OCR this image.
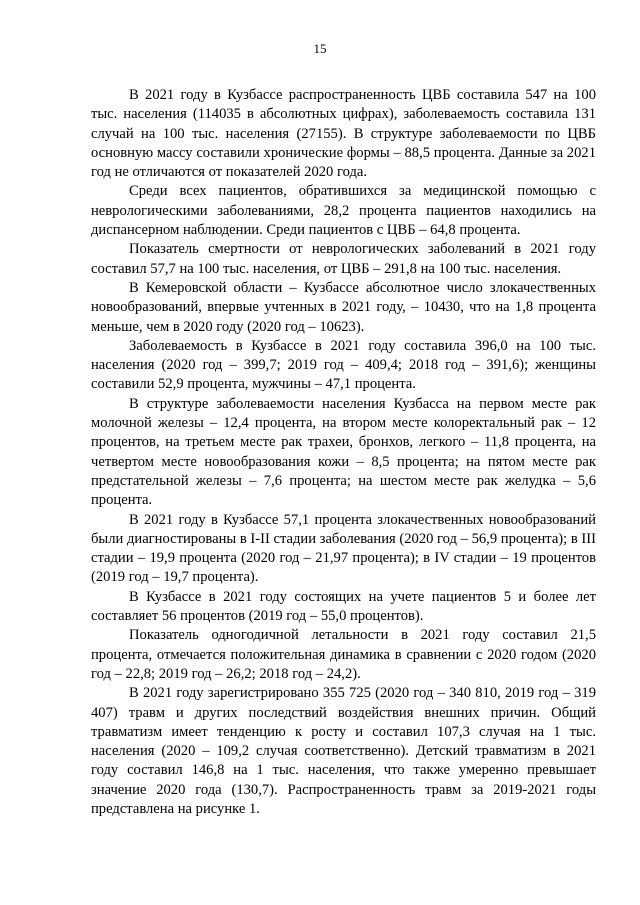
15

В 2021 году в Кузбассе распространенность ЦВБ составила 547 на 100 тыс. населения (114035 в абсолютных цифрах), заболеваемость составила 131 случай на 100 тыс. населения (27155). В структуре заболеваемости по ЦВБ основную массу составили хронические формы – 88,5 процента. Данные за 2021 год не отличаются от показателей 2020 года.

Среди всех пациентов, обратившихся за медицинской помощью с неврологическими заболеваниями, 28,2 процента пациентов находились на диспансерном наблюдении. Среди пациентов с ЦВБ – 64,8 процента.

Показатель смертности от неврологических заболеваний в 2021 году составил 57,7 на 100 тыс. населения, от ЦВБ – 291,8 на 100 тыс. населения.

В Кемеровской области – Кузбассе абсолютное число злокачественных новообразований, впервые учтенных в 2021 году, – 10430, что на 1,8 процента меньше, чем в 2020 году (2020 год – 10623).

Заболеваемость в Кузбассе в 2021 году составила 396,0 на 100 тыс. населения (2020 год – 399,7; 2019 год – 409,4; 2018 год – 391,6); женщины составили 52,9 процента, мужчины – 47,1 процента.

В структуре заболеваемости населения Кузбасса на первом месте рак молочной железы – 12,4 процента, на втором месте колоректальный рак – 12 процентов, на третьем месте рак трахеи, бронхов, легкого – 11,8 процента, на четвертом месте новообразования кожи – 8,5 процента; на пятом месте рак предстательной железы – 7,6 процента; на шестом месте рак желудка – 5,6 процента.

В 2021 году в Кузбассе 57,1 процента злокачественных новообразований были диагностированы в I-II стадии заболевания (2020 год – 56,9 процента); в III стадии – 19,9 процента (2020 год – 21,97 процента); в IV стадии – 19 процентов (2019 год – 19,7 процента).

В Кузбассе в 2021 году состоящих на учете пациентов 5 и более лет составляет 56 процентов (2019 год – 55,0 процентов).

Показатель одногодичной летальности в 2021 году составил 21,5 процента, отмечается положительная динамика в сравнении с 2020 годом (2020 год – 22,8; 2019 год – 26,2; 2018 год – 24,2).

В 2021 году зарегистрировано 355 725 (2020 год – 340 810, 2019 год – 319 407) травм и других последствий воздействия внешних причин. Общий травматизм имеет тенденцию к росту и составил 107,3 случая на 1 тыс. населения (2020 – 109,2 случая соответственно). Детский травматизм в 2021 году составил 146,8 на 1 тыс. населения, что также умеренно превышает значение 2020 года (130,7). Распространенность травм за 2019-2021 годы представлена на рисунке 1.
